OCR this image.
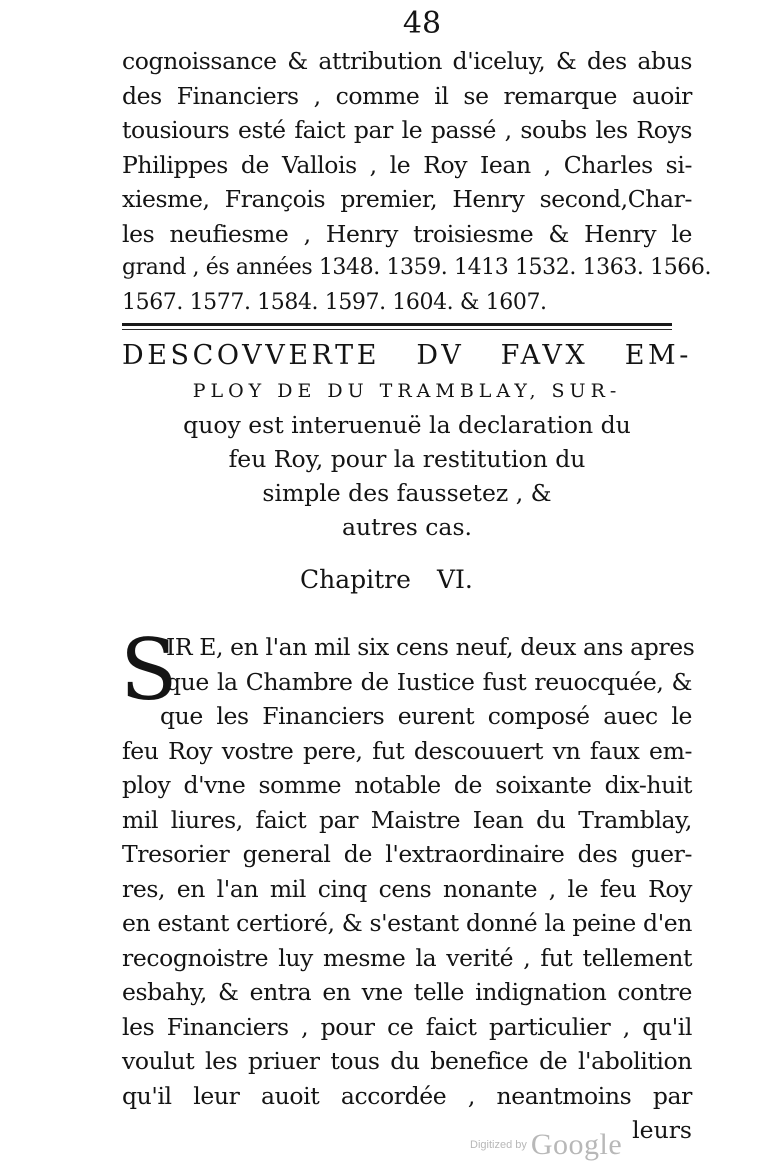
48
cognoissance & attribution d'iceluy, & des abus
des Financiers , comme il se remarque auoir
tousiours esté faict par le passé , soubs les Roys
Philippes de Vallois , le Roy Iean , Charles si-
xiesme, François premier, Henry second,Char-
les neufiesme , Henry troisiesme & Henry le
grand , és années 1348. 1359. 1413 1532. 1363. 1566.
1567. 1577. 1584. 1597. 1604. & 1607.
DESCOVVERTE DV FAVX EM-
PLOY DE DU TRAMBLAY, SUR-
quoy est interuenuë la declaration du
feu Roy, pour la restitution du
simple des faussetez , &
autres cas.
Chapitre VI.
S
IR E, en l'an mil six cens neuf, deux ans apres
que la Chambre de Iustice fust reuocquée, &
que les Financiers eurent composé auec le
feu Roy vostre pere, fut descouuert vn faux em-
ploy d'vne somme notable de soixante dix-huit
mil liures, faict par Maistre Iean du Tramblay,
Tresorier general de l'extraordinaire des guer-
res, en l'an mil cinq cens nonante , le feu Roy
en estant certioré, & s'estant donné la peine d'en
recognoistre luy mesme la verité , fut tellement
esbahy, & entra en vne telle indignation contre
les Financiers , pour ce faict particulier , qu'il
voulut les priuer tous du benefice de l'abolition
qu'il leur auoit accordée , neantmoins par
leurs
$^{Digitized by}$ Google
